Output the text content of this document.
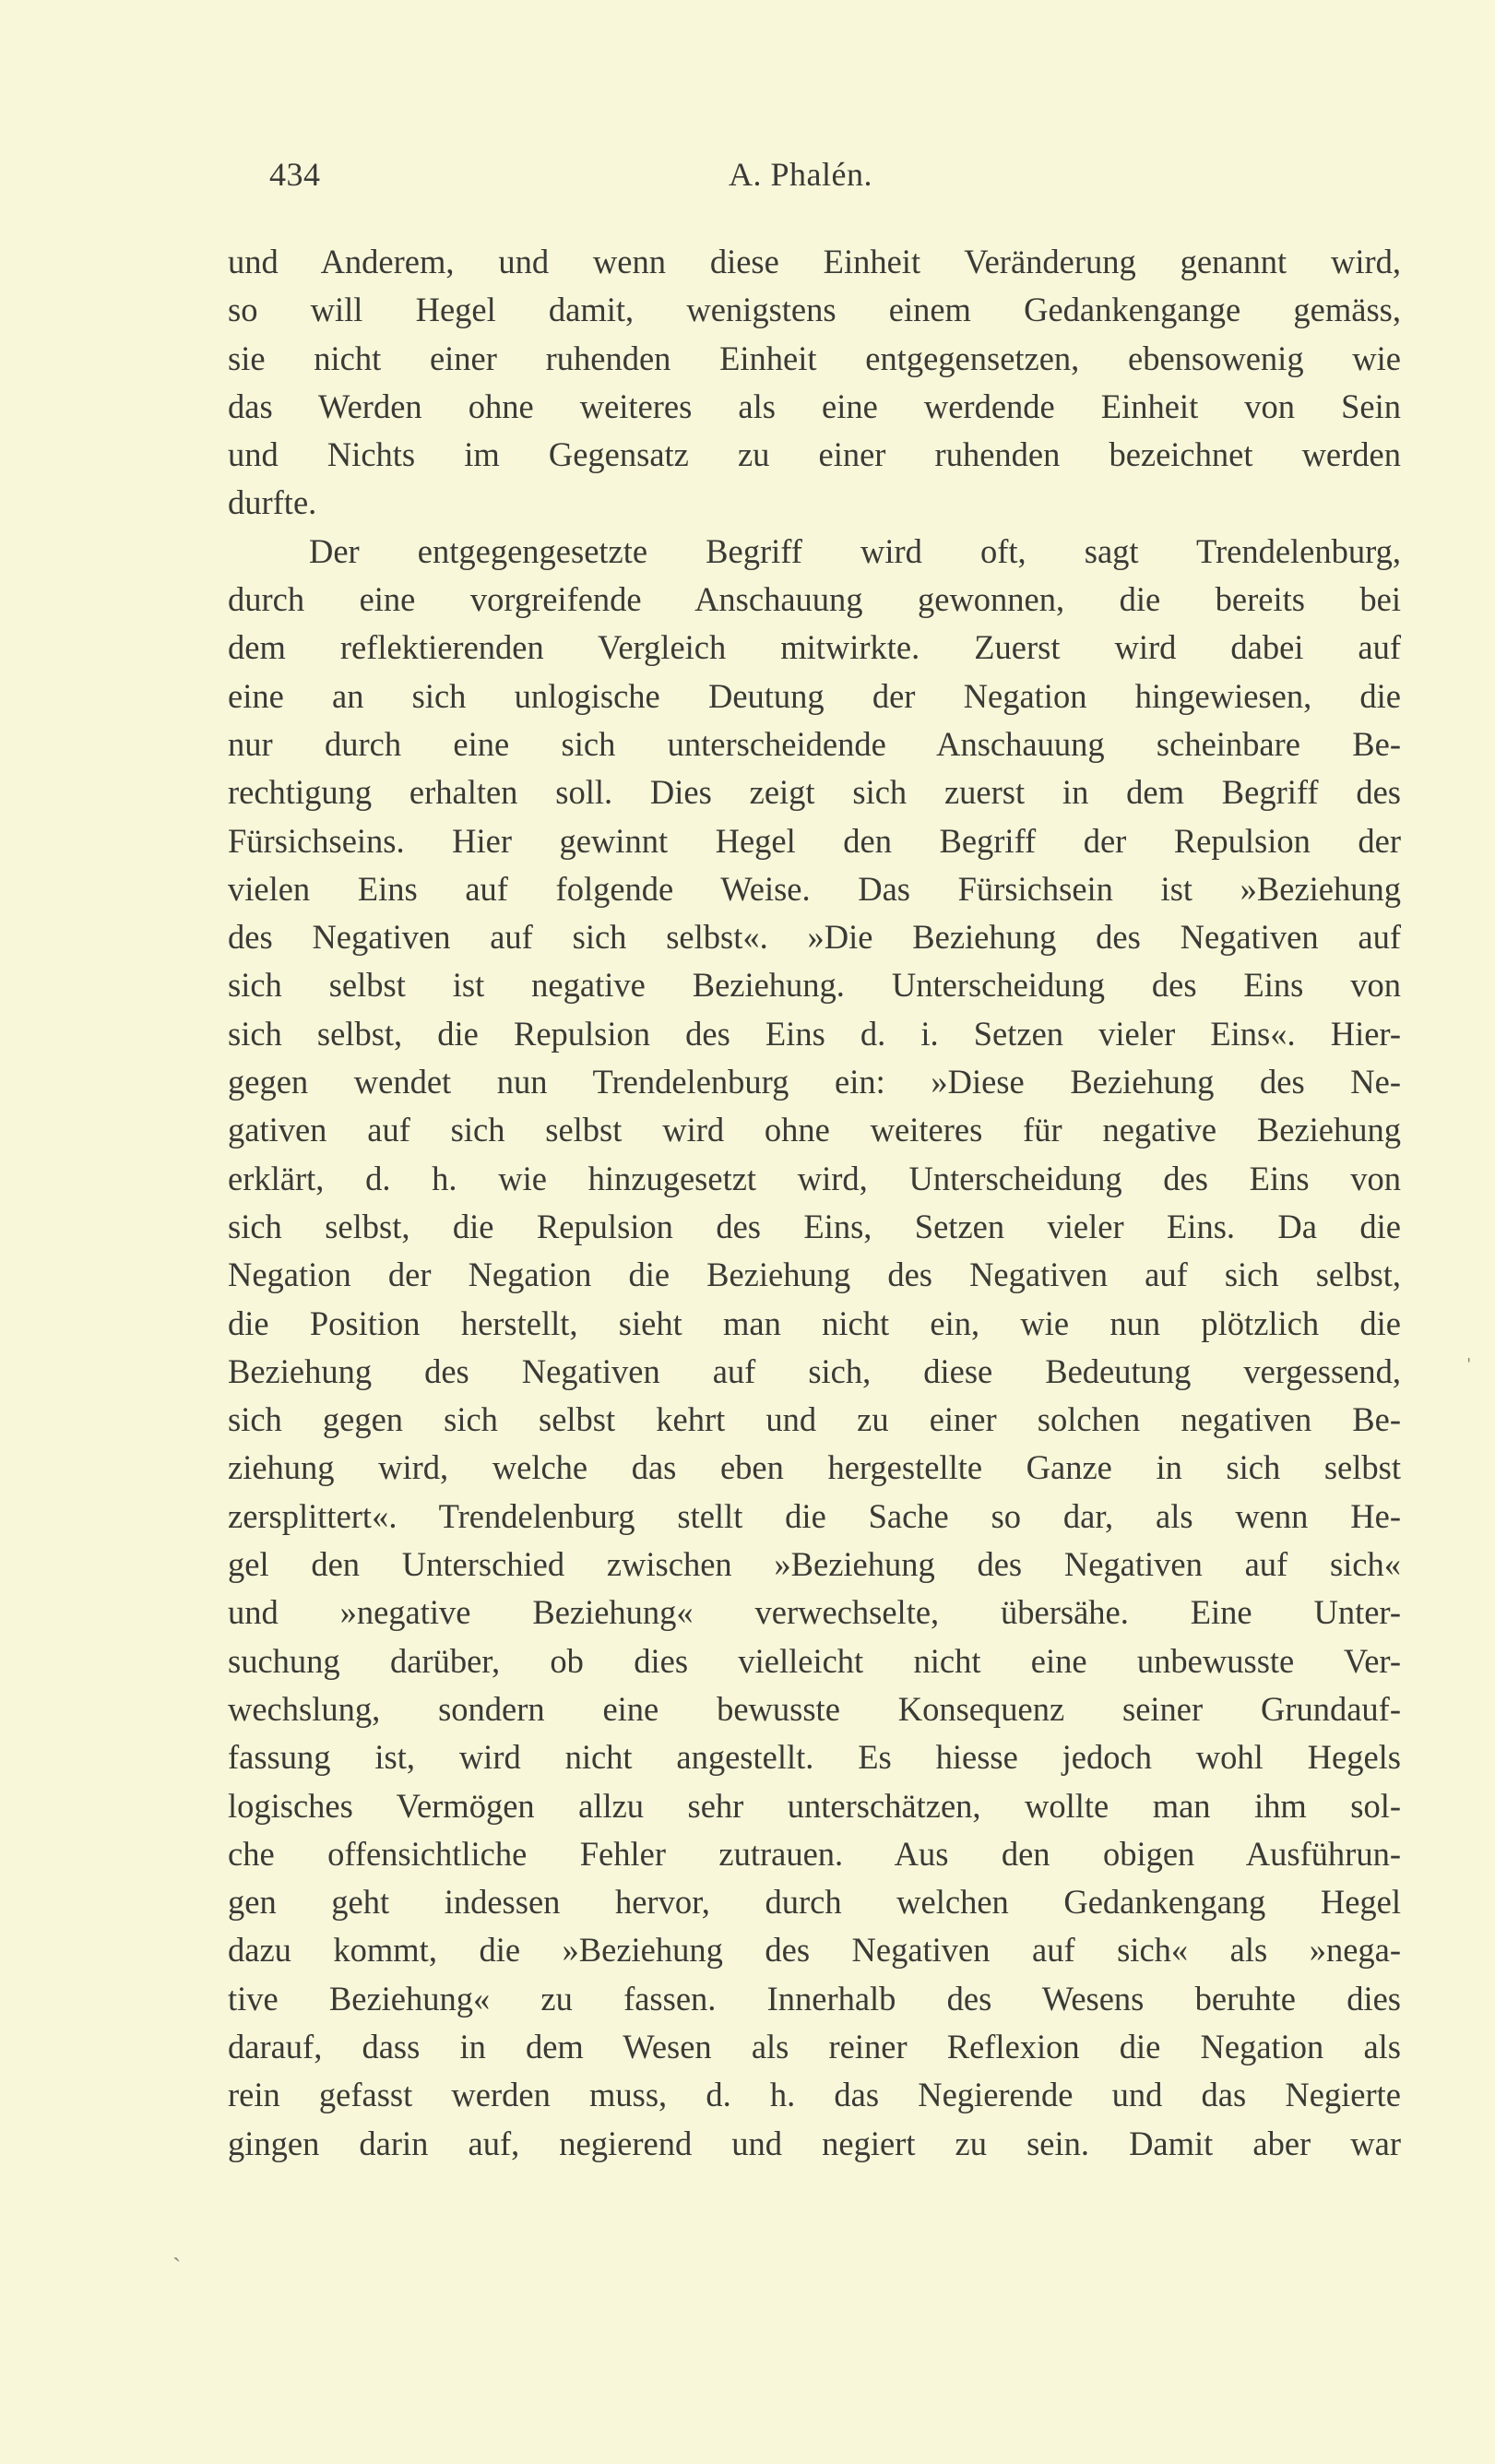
434	A. Phalén.
und Anderem, und wenn diese Einheit Veränderung genannt wird,
so will Hegel damit, wenigstens einem Gedankengange gemäss,
sie nicht einer ruhenden Einheit entgegensetzen, ebensowenig wie
das Werden ohne weiteres als eine werdende Einheit von Sein
und Nichts im Gegensatz zu einer ruhenden bezeichnet werden
durfte.
Der entgegengesetzte Begriff wird oft, sagt Trendelenburg,
durch eine vorgreifende Anschauung gewonnen, die bereits bei
dem reflektierenden Vergleich mitwirkte. Zuerst wird dabei auf
eine an sich unlogische Deutung der Negation hingewiesen, die
nur durch eine sich unterscheidende Anschauung scheinbare Be-
rechtigung erhalten soll. Dies zeigt sich zuerst in dem Begriff des
Fürsichseins. Hier gewinnt Hegel den Begriff der Repulsion der
vielen Eins auf folgende Weise. Das Fürsichsein ist »Beziehung
des Negativen auf sich selbst«. »Die Beziehung des Negativen auf
sich selbst ist negative Beziehung. Unterscheidung des Eins von
sich selbst, die Repulsion des Eins d. i. Setzen vieler Eins«. Hier-
gegen wendet nun Trendelenburg ein: »Diese Beziehung des Ne-
gativen auf sich selbst wird ohne weiteres für negative Beziehung
erklärt, d. h. wie hinzugesetzt wird, Unterscheidung des Eins von
sich selbst, die Repulsion des Eins, Setzen vieler Eins. Da die
Negation der Negation die Beziehung des Negativen auf sich selbst,
die Position herstellt, sieht man nicht ein, wie nun plötzlich die
Beziehung des Negativen auf sich, diese Bedeutung vergessend,
sich gegen sich selbst kehrt und zu einer solchen negativen Be-
ziehung wird, welche das eben hergestellte Ganze in sich selbst
zersplittert«. Trendelenburg stellt die Sache so dar, als wenn He-
gel den Unterschied zwischen »Beziehung des Negativen auf sich«
und »negative Beziehung« verwechselte, übersähe. Eine Unter-
suchung darüber, ob dies vielleicht nicht eine unbewusste Ver-
wechslung, sondern eine bewusste Konsequenz seiner Grundauf-
fassung ist, wird nicht angestellt. Es hiesse jedoch wohl Hegels
logisches Vermögen allzu sehr unterschätzen, wollte man ihm sol-
che offensichtliche Fehler zutrauen. Aus den obigen Ausführun-
gen geht indessen hervor, durch welchen Gedankengang Hegel
dazu kommt, die »Beziehung des Negativen auf sich« als »nega-
tive Beziehung« zu fassen. Innerhalb des Wesens beruhte dies
darauf, dass in dem Wesen als reiner Reflexion die Negation als
rein gefasst werden muss, d. h. das Negierende und das Negierte
gingen darin auf, negierend und negiert zu sein. Damit aber war
ˈ
ˋ
